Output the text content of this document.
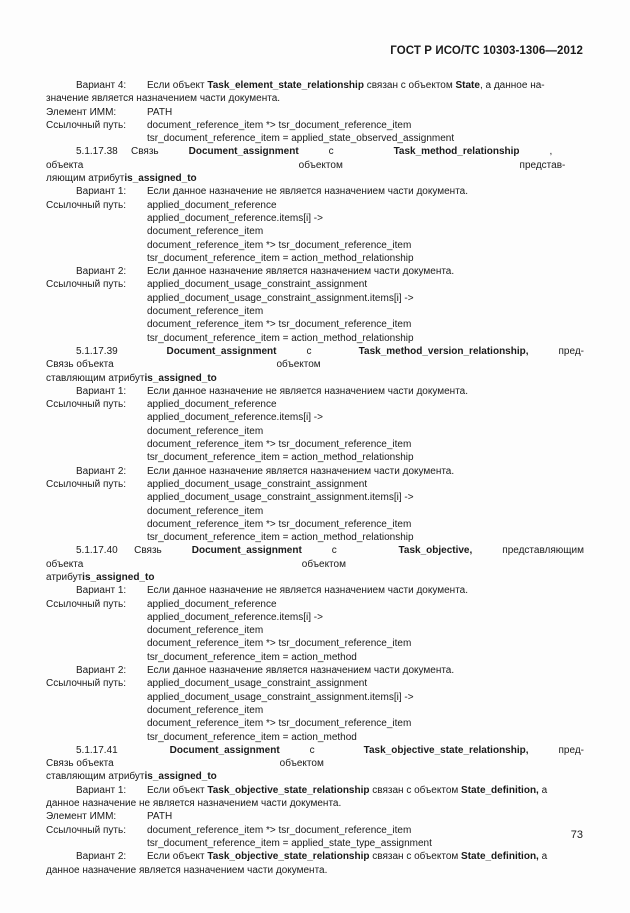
ГОСТ Р ИСО/ТС 10303-1306—2012
Вариант 4:	Если объект Task_element_state_relationship связан с объектом State, а данное на-
значение является назначением части документа.
Элемент ИММ:	PATH
Ссылочный путь:	document_reference_item *> tsr_document_reference_item
tsr_document_reference_item = applied_state_observed_assignment
5.1.17.38 Связь объекта
Document_assignment	с объектом
Task_method_relationship	, представ-
ляющим атрибут is_assigned_to
Вариант 1:	Если данное назначение не является назначением части документа.
Ссылочный путь:	applied_document_reference
applied_document_reference.items[i] ->
document_reference_item
document_reference_item *> tsr_document_reference_item
tsr_document_reference_item = action_method_relationship
Вариант 2:	Если данное назначение является назначением части документа.
Ссылочный путь:	applied_document_usage_constraint_assignment
applied_document_usage_constraint_assignment.items[i] ->
document_reference_item
document_reference_item *> tsr_document_reference_item
tsr_document_reference_item = action_method_relationship
5.1.17.39 Связь объекта
Document_assignment	с объектом
Task_method_version_relationship,	пред-
ставляющим атрибут is_assigned_to
Вариант 1:	Если данное назначение не является назначением части документа.
Ссылочный путь:	applied_document_reference
applied_document_reference.items[i] ->
document_reference_item
document_reference_item *> tsr_document_reference_item
tsr_document_reference_item = action_method_relationship
Вариант 2:	Если данное назначение является назначением части документа.
Ссылочный путь:	applied_document_usage_constraint_assignment
applied_document_usage_constraint_assignment.items[i] ->
document_reference_item
document_reference_item *> tsr_document_reference_item
tsr_document_reference_item = action_method_relationship
5.1.17.40 Связь объекта
Document_assignment	с объектом
Task_objective,	представляющим
атрибут is_assigned_to
Вариант 1:	Если данное назначение не является назначением части документа.
Ссылочный путь:	applied_document_reference
applied_document_reference.items[i] ->
document_reference_item
document_reference_item *> tsr_document_reference_item
tsr_document_reference_item = action_method
Вариант 2:	Если данное назначение является назначением части документа.
Ссылочный путь:	applied_document_usage_constraint_assignment
applied_document_usage_constraint_assignment.items[i] ->
document_reference_item
document_reference_item *> tsr_document_reference_item
tsr_document_reference_item = action_method
5.1.17.41 Связь объекта
Document_assignment	с объектом
Task_objective_state_relationship,	пред-
ставляющим атрибут is_assigned_to
Вариант 1:	Если объект Task_objective_state_relationship связан с объектом State_definition, а
данное назначение не является назначением части документа.
Элемент ИММ:	PATH
Ссылочный путь:	document_reference_item *> tsr_document_reference_item
tsr_document_reference_item = applied_state_type_assignment
Вариант 2:	Если объект Task_objective_state_relationship связан с объектом State_definition, а
данное назначение является назначением части документа.
73
